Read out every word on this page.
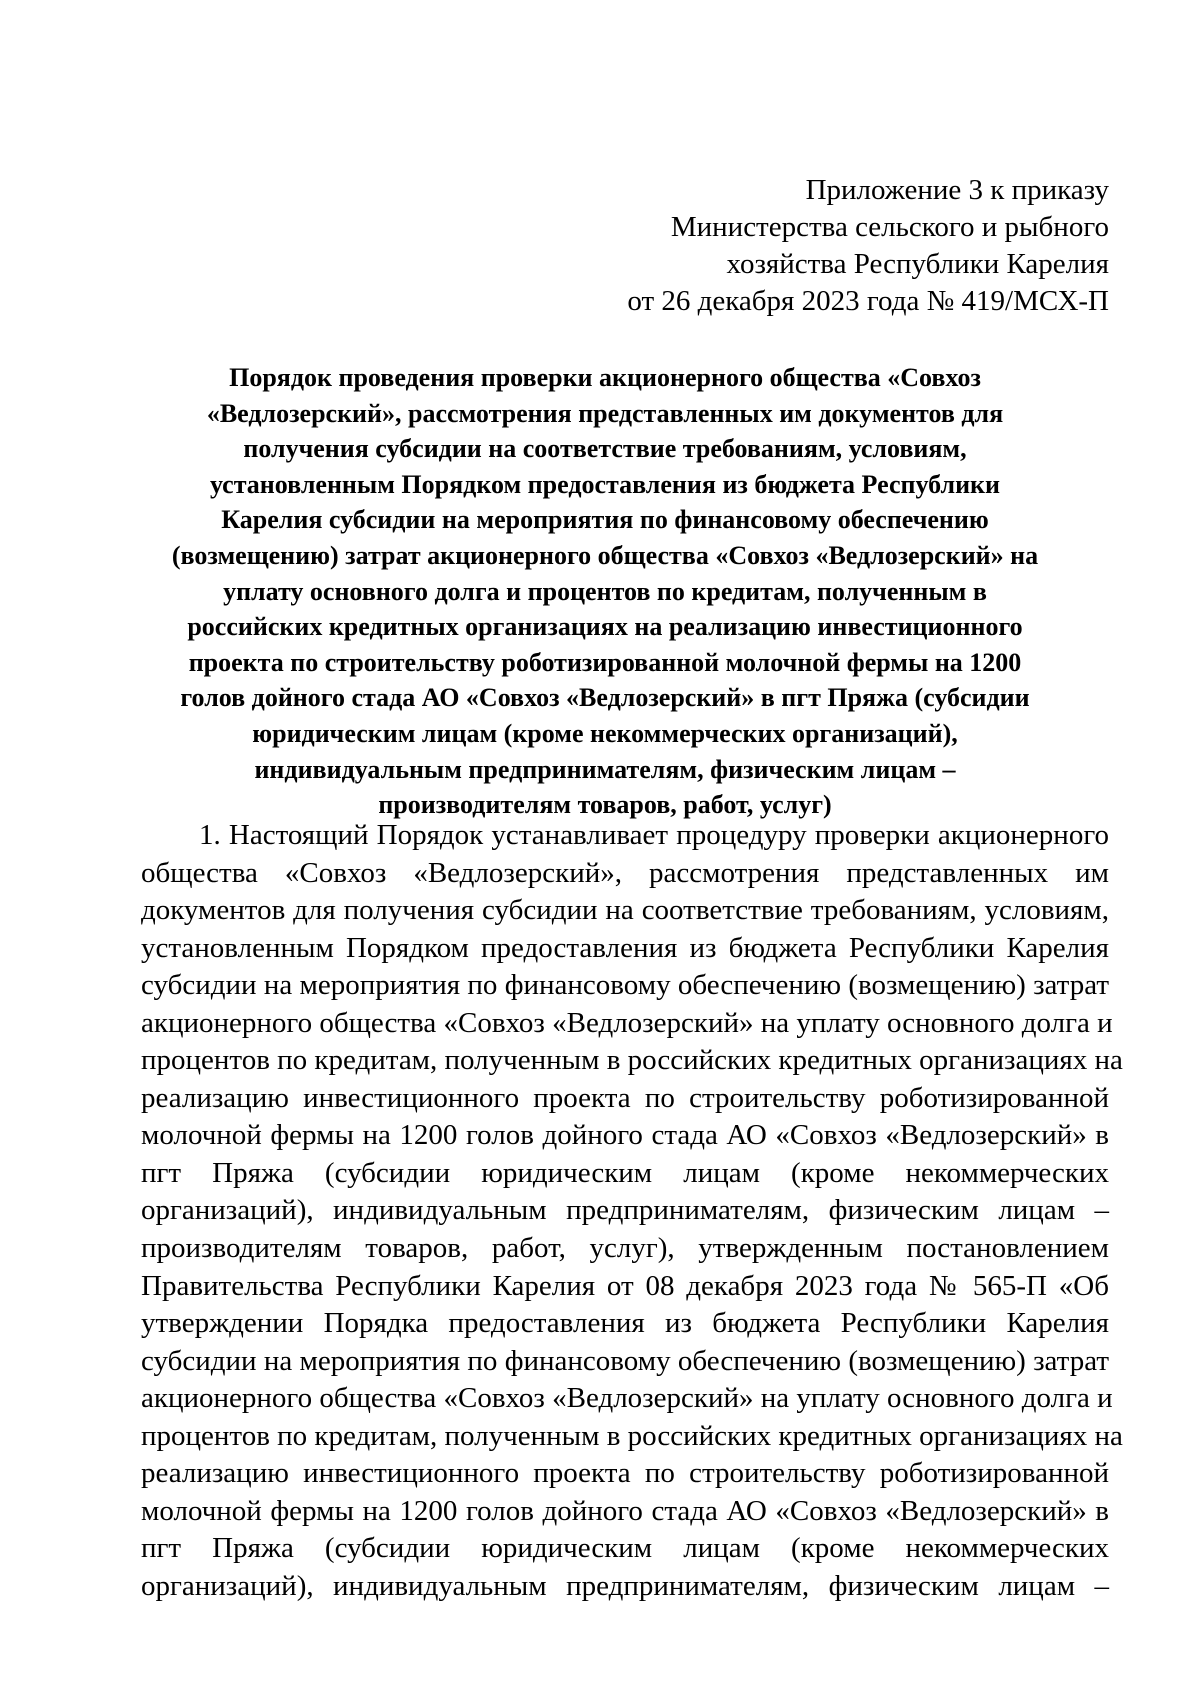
Приложение 3 к приказу
Министерства сельского и рыбного
хозяйства Республики Карелия
от 26 декабря 2023 года № 419/МСХ-П
Порядок проведения проверки акционерного общества «Совхоз
«Ведлозерский», рассмотрения представленных им документов для
получения субсидии на соответствие требованиям, условиям,
установленным Порядком предоставления из бюджета Республики
Карелия субсидии на мероприятия по финансовому обеспечению
(возмещению) затрат акционерного общества «Совхоз «Ведлозерский» на
уплату основного долга и процентов по кредитам, полученным в
российских кредитных организациях на реализацию инвестиционного
проекта по строительству роботизированной молочной фермы на 1200
голов дойного стада АО «Совхоз «Ведлозерский» в пгт Пряжа (субсидии
юридическим лицам (кроме некоммерческих организаций),
индивидуальным предпринимателям, физическим лицам –
производителям товаров, работ, услуг)
1. Настоящий Порядок устанавливает процедуру проверки акционерного
общества «Совхоз «Ведлозерский», рассмотрения представленных им
документов для получения субсидии на соответствие требованиям, условиям,
установленным Порядком предоставления из бюджета Республики Карелия
субсидии на мероприятия по финансовому обеспечению (возмещению) затрат
акционерного общества «Совхоз «Ведлозерский» на уплату основного долга и
процентов по кредитам, полученным в российских кредитных организациях на
реализацию инвестиционного проекта по строительству роботизированной
молочной фермы на 1200 голов дойного стада АО «Совхоз «Ведлозерский» в
пгт Пряжа (субсидии юридическим лицам (кроме некоммерческих
организаций), индивидуальным предпринимателям, физическим лицам –
производителям товаров, работ, услуг), утвержденным постановлением
Правительства Республики Карелия от 08 декабря 2023 года № 565-П «Об
утверждении Порядка предоставления из бюджета Республики Карелия
субсидии на мероприятия по финансовому обеспечению (возмещению) затрат
акционерного общества «Совхоз «Ведлозерский» на уплату основного долга и
процентов по кредитам, полученным в российских кредитных организациях на
реализацию инвестиционного проекта по строительству роботизированной
молочной фермы на 1200 голов дойного стада АО «Совхоз «Ведлозерский» в
пгт Пряжа (субсидии юридическим лицам (кроме некоммерческих
организаций), индивидуальным предпринимателям, физическим лицам –
